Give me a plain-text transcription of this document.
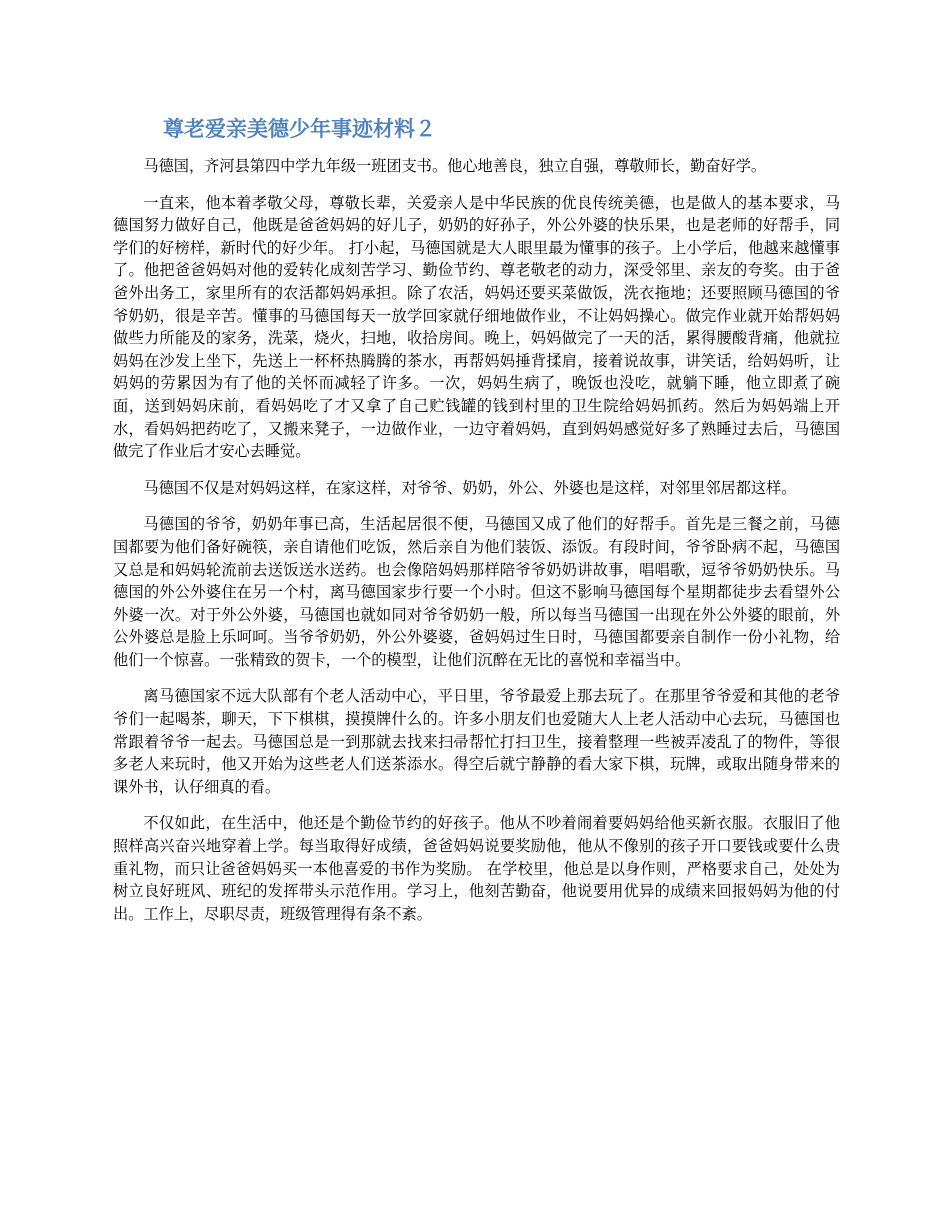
尊老爱亲美德少年事迹材料２

马德国，齐河县第四中学九年级一班团支书。他心地善良，独立自强，尊敬师长，勤奋好学。

一直来，他本着孝敬父母，尊敬长辈，关爱亲人是中华民族的优良传统美德，也是做人的基本要求，马德国努力做好自己，他既是爸爸妈妈的好儿子，奶奶的好孙子，外公外婆的快乐果，也是老师的好帮手，同学们的好榜样，新时代的好少年。 打小起，马德国就是大人眼里最为懂事的孩子。上小学后，他越来越懂事了。他把爸爸妈妈对他的爱转化成刻苦学习、勤俭节约、尊老敬老的动力，深受邻里、亲友的夸奖。由于爸爸外出务工，家里所有的农活都妈妈承担。除了农活，妈妈还要买菜做饭，洗衣拖地；还要照顾马德国的爷爷奶奶，很是辛苦。懂事的马德国每天一放学回家就仔细地做作业，不让妈妈操心。做完作业就开始帮妈妈做些力所能及的家务，洗菜，烧火，扫地，收拾房间。晚上，妈妈做完了一天的活，累得腰酸背痛，他就拉妈妈在沙发上坐下，先送上一杯杯热腾腾的茶水，再帮妈妈捶背揉肩，接着说故事，讲笑话，给妈妈听，让妈妈的劳累因为有了他的关怀而减轻了许多。一次，妈妈生病了，晚饭也没吃，就躺下睡，他立即煮了碗面，送到妈妈床前，看妈妈吃了才又拿了自己贮钱罐的钱到村里的卫生院给妈妈抓药。然后为妈妈端上开水，看妈妈把药吃了，又搬来凳子，一边做作业，一边守着妈妈，直到妈妈感觉好多了熟睡过去后，马德国做完了作业后才安心去睡觉。

马德国不仅是对妈妈这样，在家这样，对爷爷、奶奶，外公、外婆也是这样，对邻里邻居都这样。

马德国的爷爷，奶奶年事已高，生活起居很不便，马德国又成了他们的好帮手。首先是三餐之前，马德国都要为他们备好碗筷，亲自请他们吃饭，然后亲自为他们装饭、添饭。有段时间，爷爷卧病不起，马德国又总是和妈妈轮流前去送饭送水送药。也会像陪妈妈那样陪爷爷奶奶讲故事，唱唱歌，逗爷爷奶奶快乐。马德国的外公外婆住在另一个村，离马德国家步行要一个小时。但这不影响马德国每个星期都徒步去看望外公外婆一次。对于外公外婆，马德国也就如同对爷爷奶奶一般，所以每当马德国一出现在外公外婆的眼前，外公外婆总是脸上乐呵呵。当爷爷奶奶，外公外婆婆，爸妈妈过生日时，马德国都要亲自制作一份小礼物，给他们一个惊喜。一张精致的贺卡，一个的模型，让他们沉醉在无比的喜悦和幸福当中。

离马德国家不远大队部有个老人活动中心，平日里，爷爷最爱上那去玩了。在那里爷爷爱和其他的老爷爷们一起喝茶，聊天，下下棋棋，摸摸牌什么的。许多小朋友们也爱随大人上老人活动中心去玩，马德国也常跟着爷爷一起去。马德国总是一到那就去找来扫帚帮忙打扫卫生，接着整理一些被弄凌乱了的物件，等很多老人来玩时，他又开始为这些老人们送茶添水。得空后就宁静静的看大家下棋，玩牌，或取出随身带来的课外书，认仔细真的看。

不仅如此，在生活中，他还是个勤俭节约的好孩子。他从不吵着闹着要妈妈给他买新衣服。衣服旧了他照样高兴奋兴地穿着上学。每当取得好成绩，爸爸妈妈说要奖励他，他从不像别的孩子开口要钱或要什么贵重礼物，而只让爸爸妈妈买一本他喜爱的书作为奖励。 在学校里，他总是以身作则，严格要求自己，处处为树立良好班风、班纪的发挥带头示范作用。学习上，他刻苦勤奋，他说要用优异的成绩来回报妈妈为他的付出。工作上，尽职尽责，班级管理得有条不紊。
